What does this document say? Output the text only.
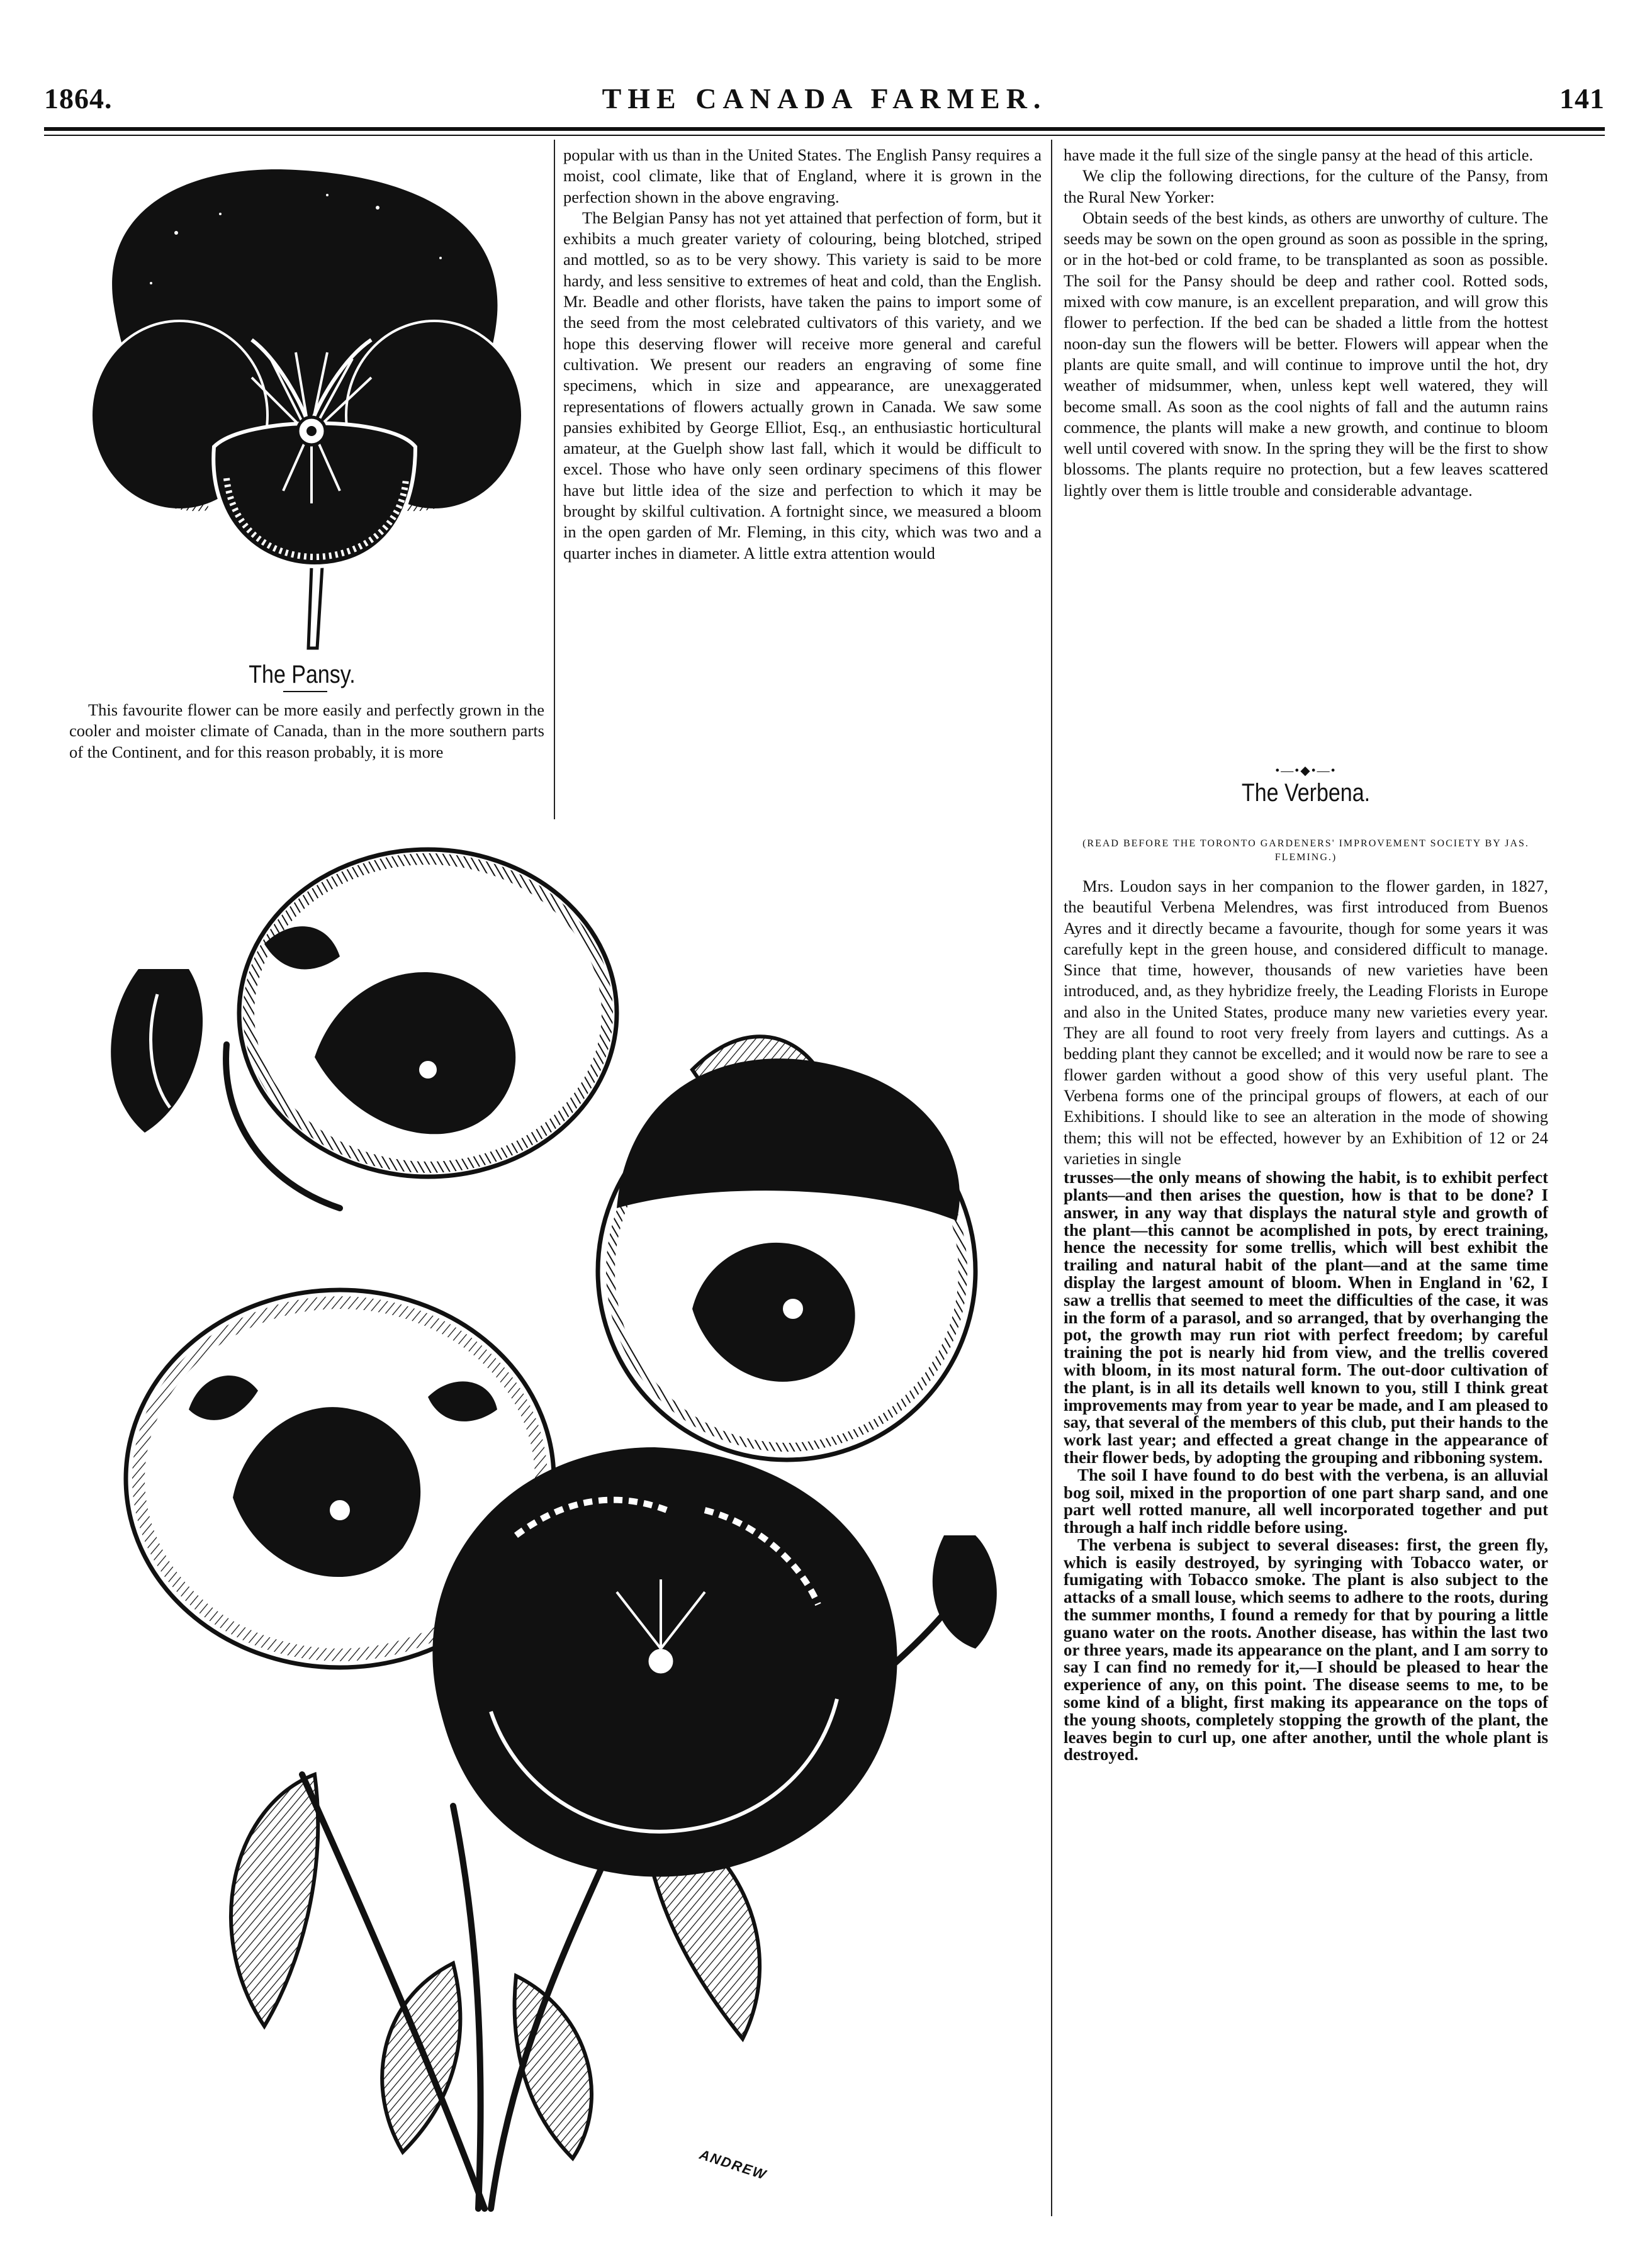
THE CANADA FARMER.
1864.	141
The Pansy.

This favourite flower can be more easily and perfectly grown in the cooler and moister climate of Canada, than in the more southern parts of the Continent, and for this reason probably, it is more

popular with us than in the United States. The English Pansy requires a moist, cool climate, like that of England, where it is grown in the perfection shown in the above engraving.

The Belgian Pansy has not yet attained that perfection of form, but it exhibits a much greater variety of colouring, being blotched, striped and mottled, so as to be very showy. This variety is said to be more hardy, and less sensitive to extremes of heat and cold, than the English. Mr. Beadle and other florists, have taken the pains to import some of the seed from the most celebrated cultivators of this variety, and we hope this deserving flower will receive more general and careful cultivation. We present our readers an engraving of some fine specimens, which in size and appearance, are unexaggerated representations of flowers actually grown in Canada. We saw some pansies exhibited by George Elliot, Esq., an enthusiastic horticultural amateur, at the Guelph show last fall, which it would be difficult to excel. Those who have only seen ordinary specimens of this flower have but little idea of the size and perfection to which it may be brought by skilful cultivation. A fortnight since, we measured a bloom in the open garden of Mr. Fleming, in this city, which was two and a quarter inches in diameter. A little extra attention would

have made it the full size of the single pansy at the head of this article.

We clip the following directions, for the culture of the Pansy, from the Rural New Yorker:

Obtain seeds of the best kinds, as others are unworthy of culture. The seeds may be sown on the open ground as soon as possible in the spring, or in the hot-bed or cold frame, to be transplanted as soon as possible. The soil for the Pansy should be deep and rather cool. Rotted sods, mixed with cow manure, is an excellent preparation, and will grow this flower to perfection. If the bed can be shaded a little from the hottest noon-day sun the flowers will be better. Flowers will appear when the plants are quite small, and will continue to improve until the hot, dry weather of midsummer, when, unless kept well watered, they will become small. As soon as the cool nights of fall and the autumn rains commence, the plants will make a new growth, and continue to bloom well until covered with snow. In the spring they will be the first to show blossoms. The plants require no protection, but a few leaves scattered lightly over them is little trouble and considerable advantage.

•—•◆•—•
The Verbena.
(READ BEFORE THE TORONTO GARDENERS' IMPROVEMENT SOCIETY BY JAS. FLEMING.)

Mrs. Loudon says in her companion to the flower garden, in 1827, the beautiful Verbena Melendres, was first introduced from Buenos Ayres and it directly became a favourite, though for some years it was carefully kept in the green house, and considered difficult to manage. Since that time, however, thousands of new varieties have been introduced, and, as they hybridize freely, the Leading Florists in Europe and also in the United States, produce many new varieties every year. They are all found to root very freely from layers and cuttings. As a bedding plant they cannot be excelled; and it would now be rare to see a flower garden without a good show of this very useful plant. The Verbena forms one of the principal groups of flowers, at each of our Exhibitions. I should like to see an alteration in the mode of showing them; this will not be effected, however by an Exhibition of 12 or 24 varieties in single

trusses—the only means of showing the habit, is to exhibit perfect plants—and then arises the question, how is that to be done? I answer, in any way that displays the natural style and growth of the plant—this cannot be acomplished in pots, by erect training, hence the necessity for some trellis, which will best exhibit the trailing and natural habit of the plant—and at the same time display the largest amount of bloom. When in England in '62, I saw a trellis that seemed to meet the difficulties of the case, it was in the form of a parasol, and so arranged, that by overhanging the pot, the growth may run riot with perfect freedom; by careful training the pot is nearly hid from view, and the trellis covered with bloom, in its most natural form. The out-door cultivation of the plant, is in all its details well known to you, still I think great improvements may from year to year be made, and I am pleased to say, that several of the members of this club, put their hands to the work last year; and effected a great change in the appearance of their flower beds, by adopting the grouping and ribboning system.

The soil I have found to do best with the verbena, is an alluvial bog soil, mixed in the proportion of one part sharp sand, and one part well rotted manure, all well incorporated together and put through a half inch riddle before using.

The verbena is subject to several diseases: first, the green fly, which is easily destroyed, by syringing with Tobacco water, or fumigating with Tobacco smoke. The plant is also subject to the attacks of a small louse, which seems to adhere to the roots, during the summer months, I found a remedy for that by pouring a little guano water on the roots. Another disease, has within the last two or three years, made its appearance on the plant, and I am sorry to say I can find no remedy for it,—I should be pleased to hear the experience of any, on this point. The disease seems to me, to be some kind of a blight, first making its appearance on the tops of the young shoots, completely stopping the growth of the plant, the leaves begin to curl up, one after another, until the whole plant is destroyed.

ANDREW
